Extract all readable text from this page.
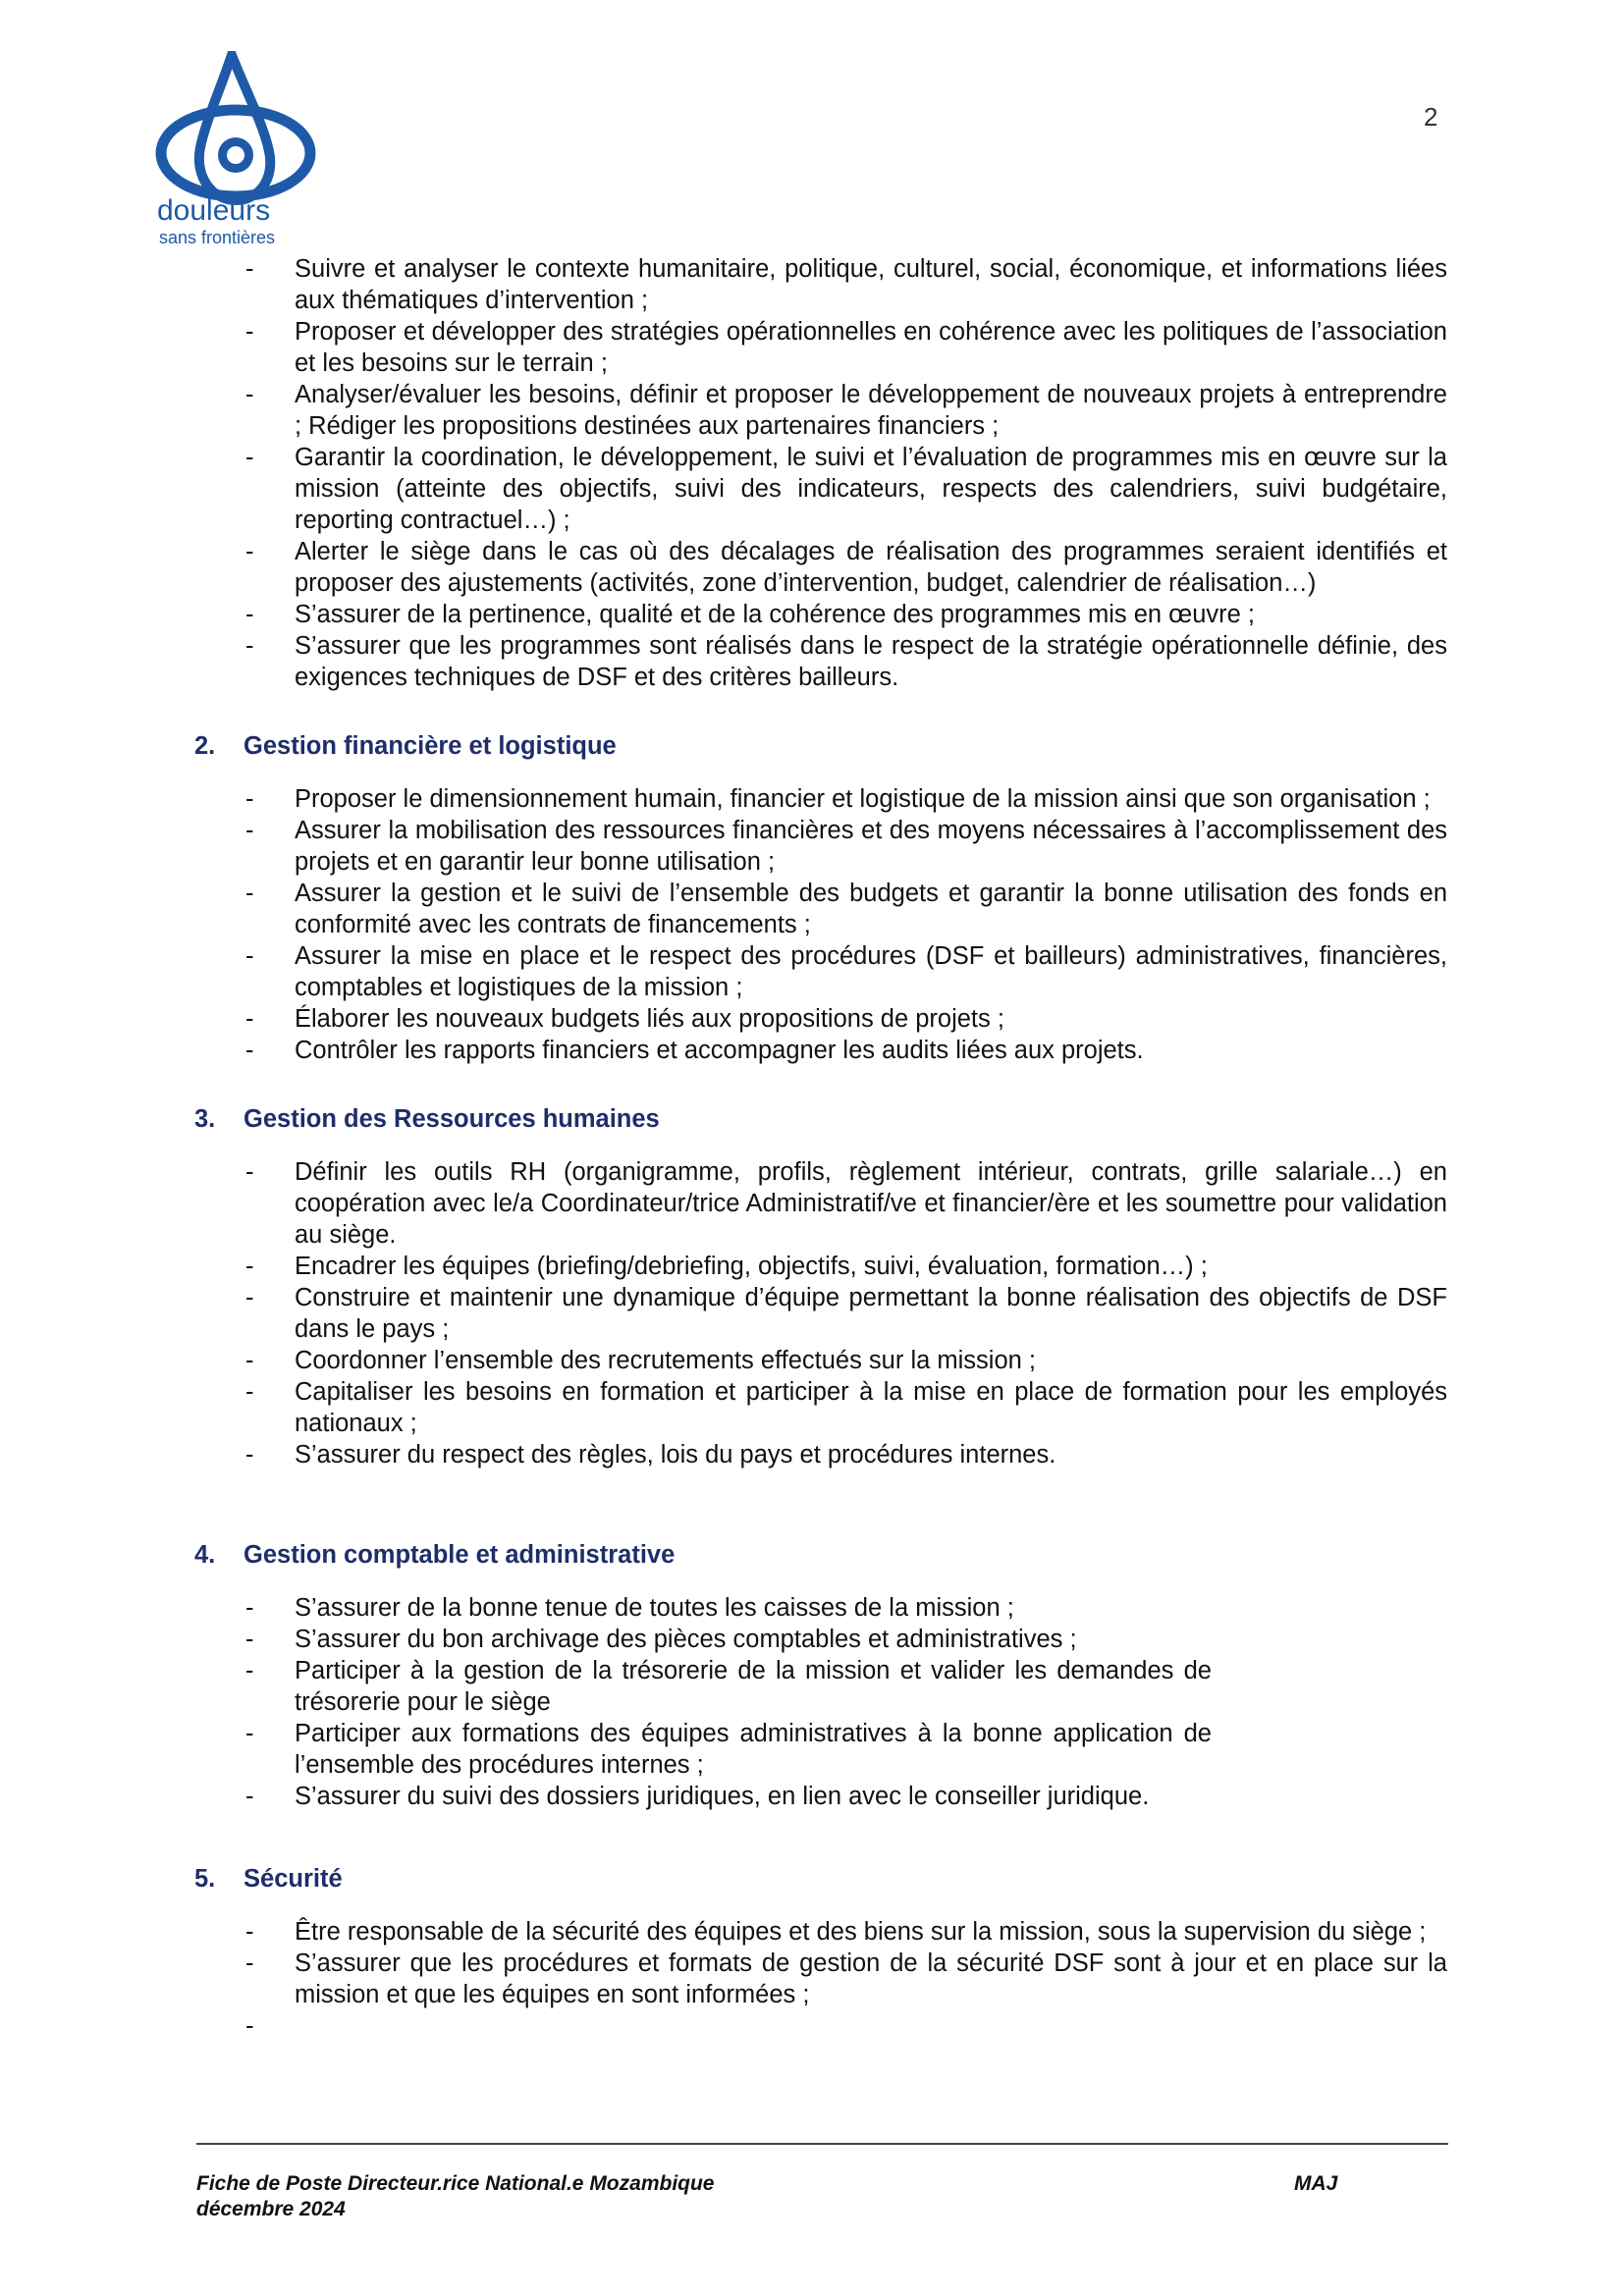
douleurs
sans frontières
2
- Suivre et analyser le contexte humanitaire, politique, culturel, social, économique, et informations liées aux thématiques d’intervention ;
- Proposer et développer des stratégies opérationnelles en cohérence avec les politiques de l’association et les besoins sur le terrain ;
- Analyser/évaluer les besoins, définir et proposer le développement de nouveaux projets à entreprendre ; Rédiger les propositions destinées aux partenaires financiers ;
- Garantir la coordination, le développement, le suivi et l’évaluation de programmes mis en œuvre sur la mission (atteinte des objectifs, suivi des indicateurs, respects des calendriers, suivi budgétaire, reporting contractuel…) ;
- Alerter le siège dans le cas où des décalages de réalisation des programmes seraient identifiés et proposer des ajustements (activités, zone d’intervention, budget, calendrier de réalisation…)
- S’assurer de la pertinence, qualité et de la cohérence des programmes mis en œuvre ;
- S’assurer que les programmes sont réalisés dans le respect de la stratégie opérationnelle définie, des exigences techniques de DSF et des critères bailleurs.
2. Gestion financière et logistique
- Proposer le dimensionnement humain, financier et logistique de la mission ainsi que son organisation ;
- Assurer la mobilisation des ressources financières et des moyens nécessaires à l’accomplissement des projets et en garantir leur bonne utilisation ;
- Assurer la gestion et le suivi de l’ensemble des budgets et garantir la bonne utilisation des fonds en conformité avec les contrats de financements ;
- Assurer la mise en place et le respect des procédures (DSF et bailleurs) administratives, financières, comptables et logistiques de la mission ;
- Élaborer les nouveaux budgets liés aux propositions de projets ;
- Contrôler les rapports financiers et accompagner les audits liées aux projets.
3. Gestion des Ressources humaines
- Définir les outils RH (organigramme, profils, règlement intérieur, contrats, grille salariale…) en coopération avec le/a Coordinateur/trice Administratif/ve et financier/ère et les soumettre pour validation au siège.
- Encadrer les équipes (briefing/debriefing, objectifs, suivi, évaluation, formation…) ;
- Construire et maintenir une dynamique d’équipe permettant la bonne réalisation des objectifs de DSF dans le pays ;
- Coordonner l’ensemble des recrutements effectués sur la mission ;
- Capitaliser les besoins en formation et participer à la mise en place de formation pour les employés nationaux ;
- S’assurer du respect des règles, lois du pays et procédures internes.
4. Gestion comptable et administrative
- S’assurer de la bonne tenue de toutes les caisses de la mission ;
- S’assurer du bon archivage des pièces comptables et administratives ;
- Participer à la gestion de la trésorerie de la mission et valider les demandes de trésorerie pour le siège
- Participer aux formations des équipes administratives à la bonne application de l’ensemble des procédures internes ;
- S’assurer du suivi des dossiers juridiques, en lien avec le conseiller juridique.
5. Sécurité
- Être responsable de la sécurité des équipes et des biens sur la mission, sous la supervision du siège ;
- S’assurer que les procédures et formats de gestion de la sécurité DSF sont à jour et en place sur la mission et que les équipes en sont informées ;
-
Fiche de Poste Directeur.rice National.e Mozambique
décembre 2024
MAJ
